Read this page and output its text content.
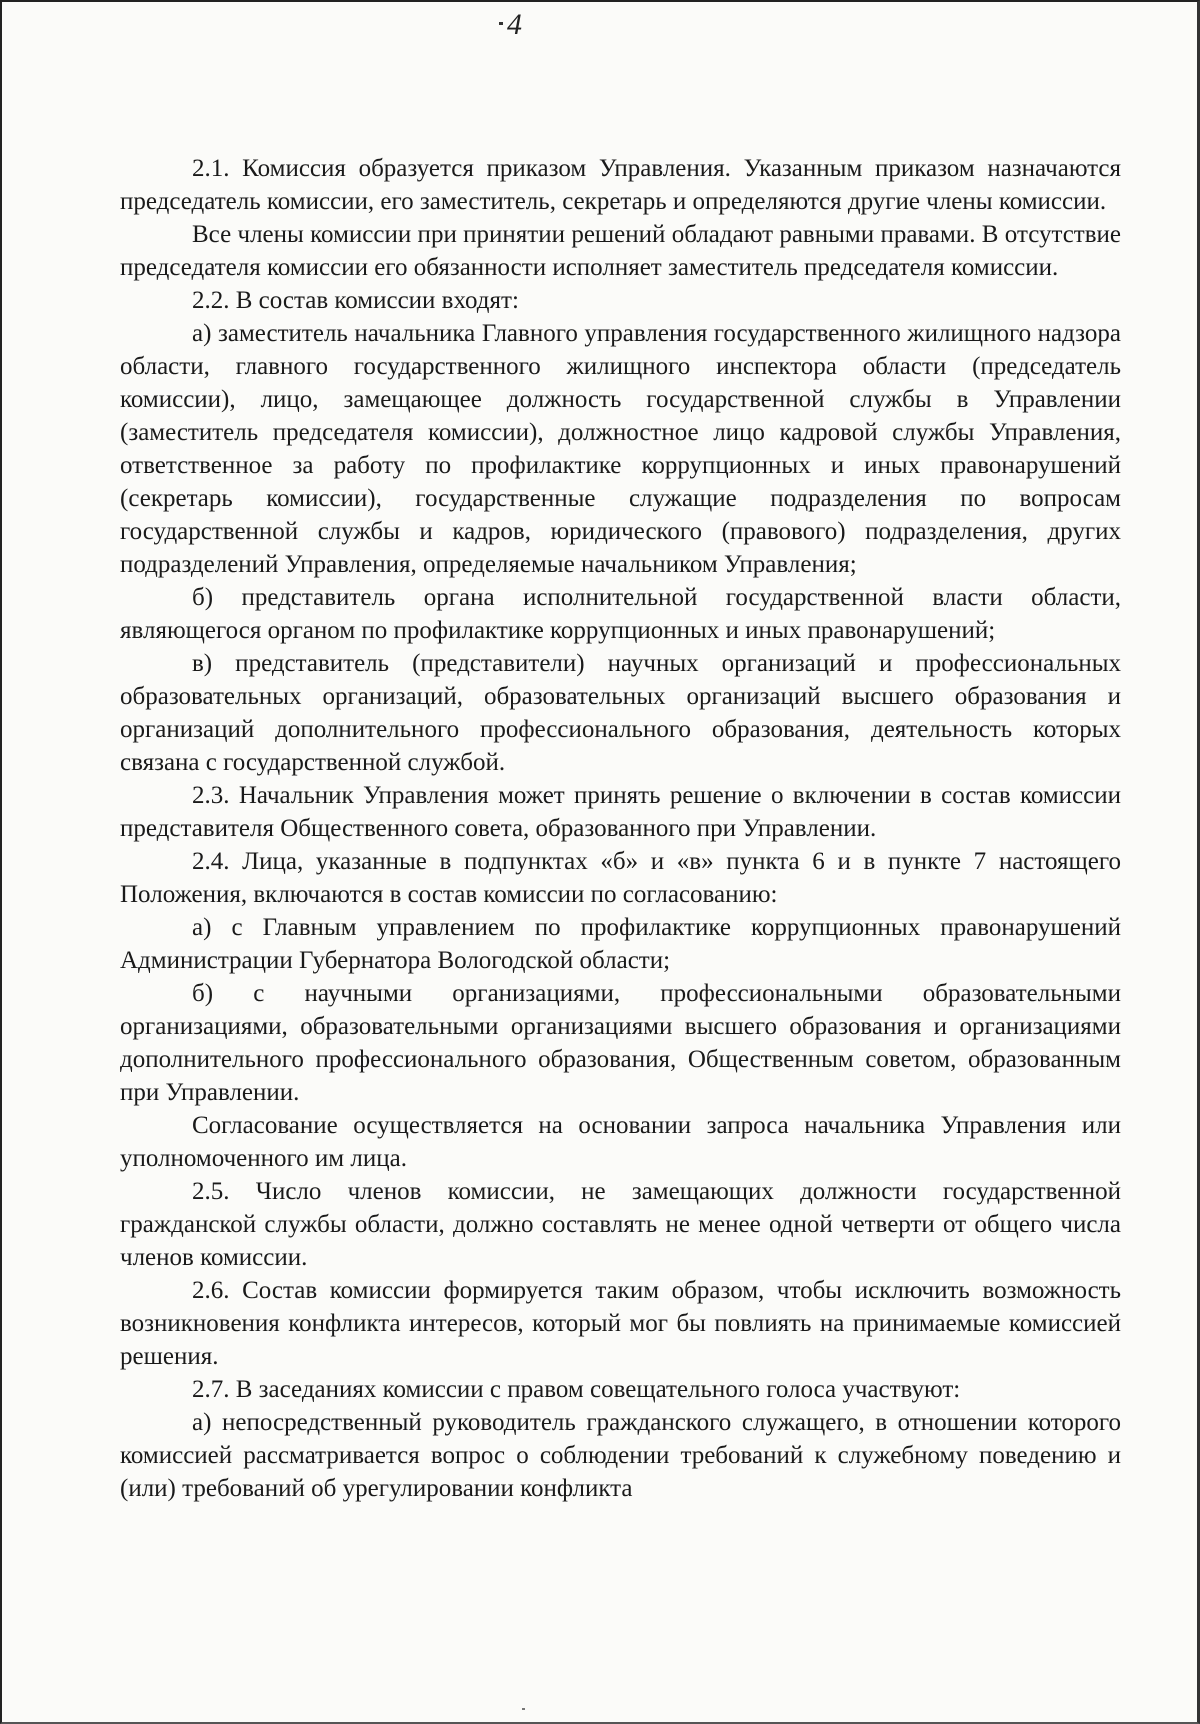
4

2.1. Комиссия образуется приказом Управления. Указанным приказом назначаются председатель комиссии, его заместитель, секретарь и определяются другие члены комиссии.

Все члены комиссии при принятии решений обладают равными правами. В отсутствие председателя комиссии его обязанности исполняет заместитель председателя комиссии.

2.2. В состав комиссии входят:

а) заместитель начальника Главного управления государственного жилищного надзора области, главного государственного жилищного инспектора области (председатель комиссии), лицо, замещающее должность государственной службы в Управлении (заместитель председателя комиссии), должностное лицо кадровой службы Управления, ответственное за работу по профилактике коррупционных и иных правонарушений (секретарь комиссии), государственные служащие подразделения по вопросам государственной службы и кадров, юридического (правового) подразделения, других подразделений Управления, определяемые начальником Управления;

б) представитель органа исполнительной государственной власти области, являющегося органом по профилактике коррупционных и иных правонарушений;

в) представитель (представители) научных организаций и профессиональных образовательных организаций, образовательных организаций высшего образования и организаций дополнительного профессионального образования, деятельность которых связана с государственной службой.

2.3. Начальник Управления может принять решение о включении в состав комиссии представителя Общественного совета, образованного при Управлении.

2.4. Лица, указанные в подпунктах «б» и «в» пункта 6 и в пункте 7 настоящего Положения, включаются в состав комиссии по согласованию:

а) с Главным управлением по профилактике коррупционных правонарушений Администрации Губернатора Вологодской области;

б) с научными организациями, профессиональными образовательными организациями, образовательными организациями высшего образования и организациями дополнительного профессионального образования, Общественным советом, образованным при Управлении.

Согласование осуществляется на основании запроса начальника Управления или уполномоченного им лица.

2.5. Число членов комиссии, не замещающих должности государственной гражданской службы области, должно составлять не менее одной четверти от общего числа членов комиссии.

2.6. Состав комиссии формируется таким образом, чтобы исключить возможность возникновения конфликта интересов, который мог бы повлиять на принимаемые комиссией решения.

2.7. В заседаниях комиссии с правом совещательного голоса участвуют:

а) непосредственный руководитель гражданского служащего, в отношении которого комиссией рассматривается вопрос о соблюдении требований к служебному поведению и (или) требований об урегулировании конфликта
